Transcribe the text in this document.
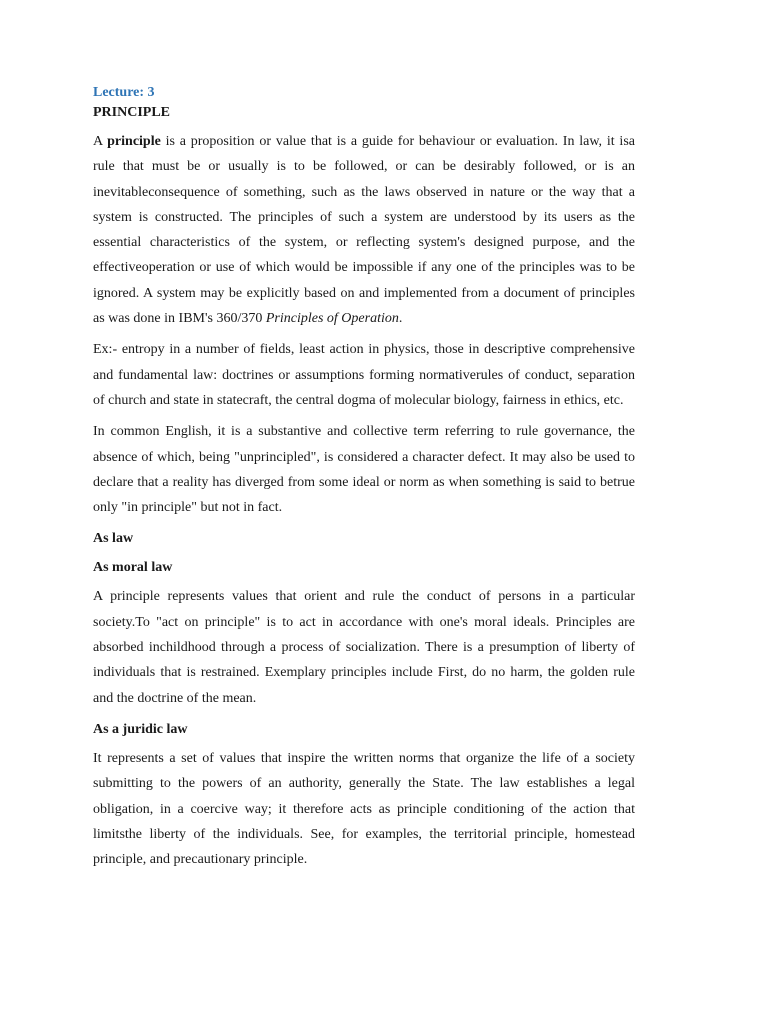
Lecture: 3
PRINCIPLE

A principle is a proposition or value that is a guide for behaviour or evaluation. In law, it isa rule that must be or usually is to be followed, or can be desirably followed, or is an inevitableconsequence of something, such as the laws observed in nature or the way that a system is constructed. The principles of such a system are understood by its users as the essential characteristics of the system, or reflecting system's designed purpose, and the effectiveoperation or use of which would be impossible if any one of the principles was to be ignored. A system may be explicitly based on and implemented from a document of principles as was done in IBM's 360/370 Principles of Operation.

Ex:- entropy in a number of fields, least action in physics, those in descriptive comprehensive and fundamental law: doctrines or assumptions forming normativerules of conduct, separation of church and state in statecraft, the central dogma of molecular biology, fairness in ethics, etc.

In common English, it is a substantive and collective term referring to rule governance, the absence of which, being "unprincipled", is considered a character defect. It may also be used to declare that a reality has diverged from some ideal or norm as when something is said to betrue only "in principle" but not in fact.

As law
As moral law

A principle represents values that orient and rule the conduct of persons in a particular society.To "act on principle" is to act in accordance with one's moral ideals. Principles are absorbed inchildhood through a process of socialization. There is a presumption of liberty of individuals that is restrained. Exemplary principles include First, do no harm, the golden rule and the doctrine of the mean.

As a juridic law

It represents a set of values that inspire the written norms that organize the life of a society submitting to the powers of an authority, generally the State. The law establishes a legal obligation, in a coercive way; it therefore acts as principle conditioning of the action that limitsthe liberty of the individuals. See, for examples, the territorial principle, homestead principle, and precautionary principle.
